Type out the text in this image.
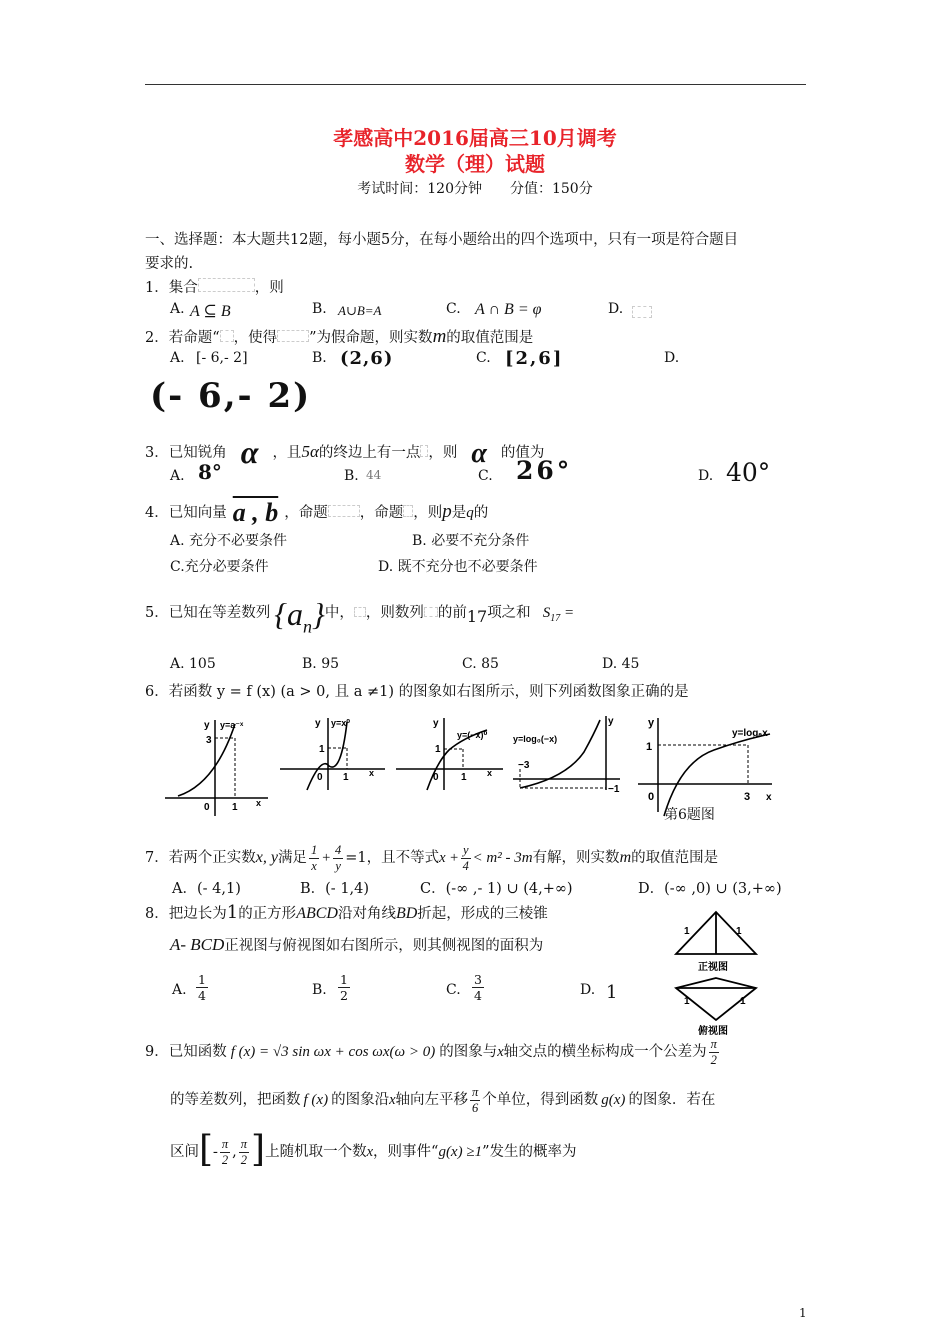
孝感高中2016届高三10月调考
数学（理）试题
考试时间：120分钟　　分值：150分
一、选择题：本大题共12题，每小题5分，在每小题给出的四个选项中，只有一项是符合题目
要求的.
1．集合	，则
A. A ⊆ B	B. A∪B=A	C. A ∩ B = φ	D.
2．若命题“ ，使得 ”为假命题，则实数m的取值范围是
A. [- 6,- 2]	B. (2,6)	C. [2,6]	D.
(- 6,- 2)
3．已知锐角 α ，且5α的终边上有一点 ，则 α 的值为
A. 8°	B. 44	C. 26°	D. 40°
4．已知向量 a , b ，命题 ，命题 ，则p是q的
A. 充分不必要条件	B. 必要不充分条件
C.充分必要条件	D. 既不充分也不必要条件
5．已知在等差数列 $\{a_n\}$中， ，则数列 的前17项之和 $S_{17}$ =
A. 105	B. 95	C. 85	D. 45
6．若函数 y = f (x) (a > 0, 且 a ≠1) 的图象如右图所示，则下列函数图象正确的是
y y=a⁻ˣ
3
0 1 x
y y=x⁰
1
0 1 x
y
y=(−x)⁰
1
0 1 x
y=log₀(−x)
−3
−1
y	y
y=logₐx
1
0	3 x
第6题图
7．若两个正实数x, y满足 $\frac{1}{x} + \frac{4}{y} =1$，且不等式$x + \frac{y}{4} < m^2 - 3m$有解，则实数m的取值范围是
A．(- 4,1)	B．(- 1,4)	C．(-∞ ,- 1) ∪ (4,+∞)	D．(-∞ ,0) ∪ (3,+∞)
8．把边长为1的正方形ABCD沿对角线BD折起，形成的三棱锥
A- BCD正视图与俯视图如右图所示，则其侧视图的面积为
A. $\frac{1}{4}$	B. $\frac{1}{2}$	C. $\frac{3}{4}$	D. 1
1	1
正视图
1	1
俯视图
9．已知函数 f (x) = √3 sin ωx + cos ωx(ω > 0) 的图象与x轴交点的横坐标构成一个公差为 $\frac{\pi}{2}$
的等差数列，把函数 f (x) 的图象沿x轴向左平移 $\frac{\pi}{6}$ 个单位，得到函数 g(x) 的图象．若在
区间[- $\frac{\pi}{2}$ , $\frac{\pi}{2}$ ]上随机取一个数x，则事件“g(x) ≥1”发生的概率为
1
